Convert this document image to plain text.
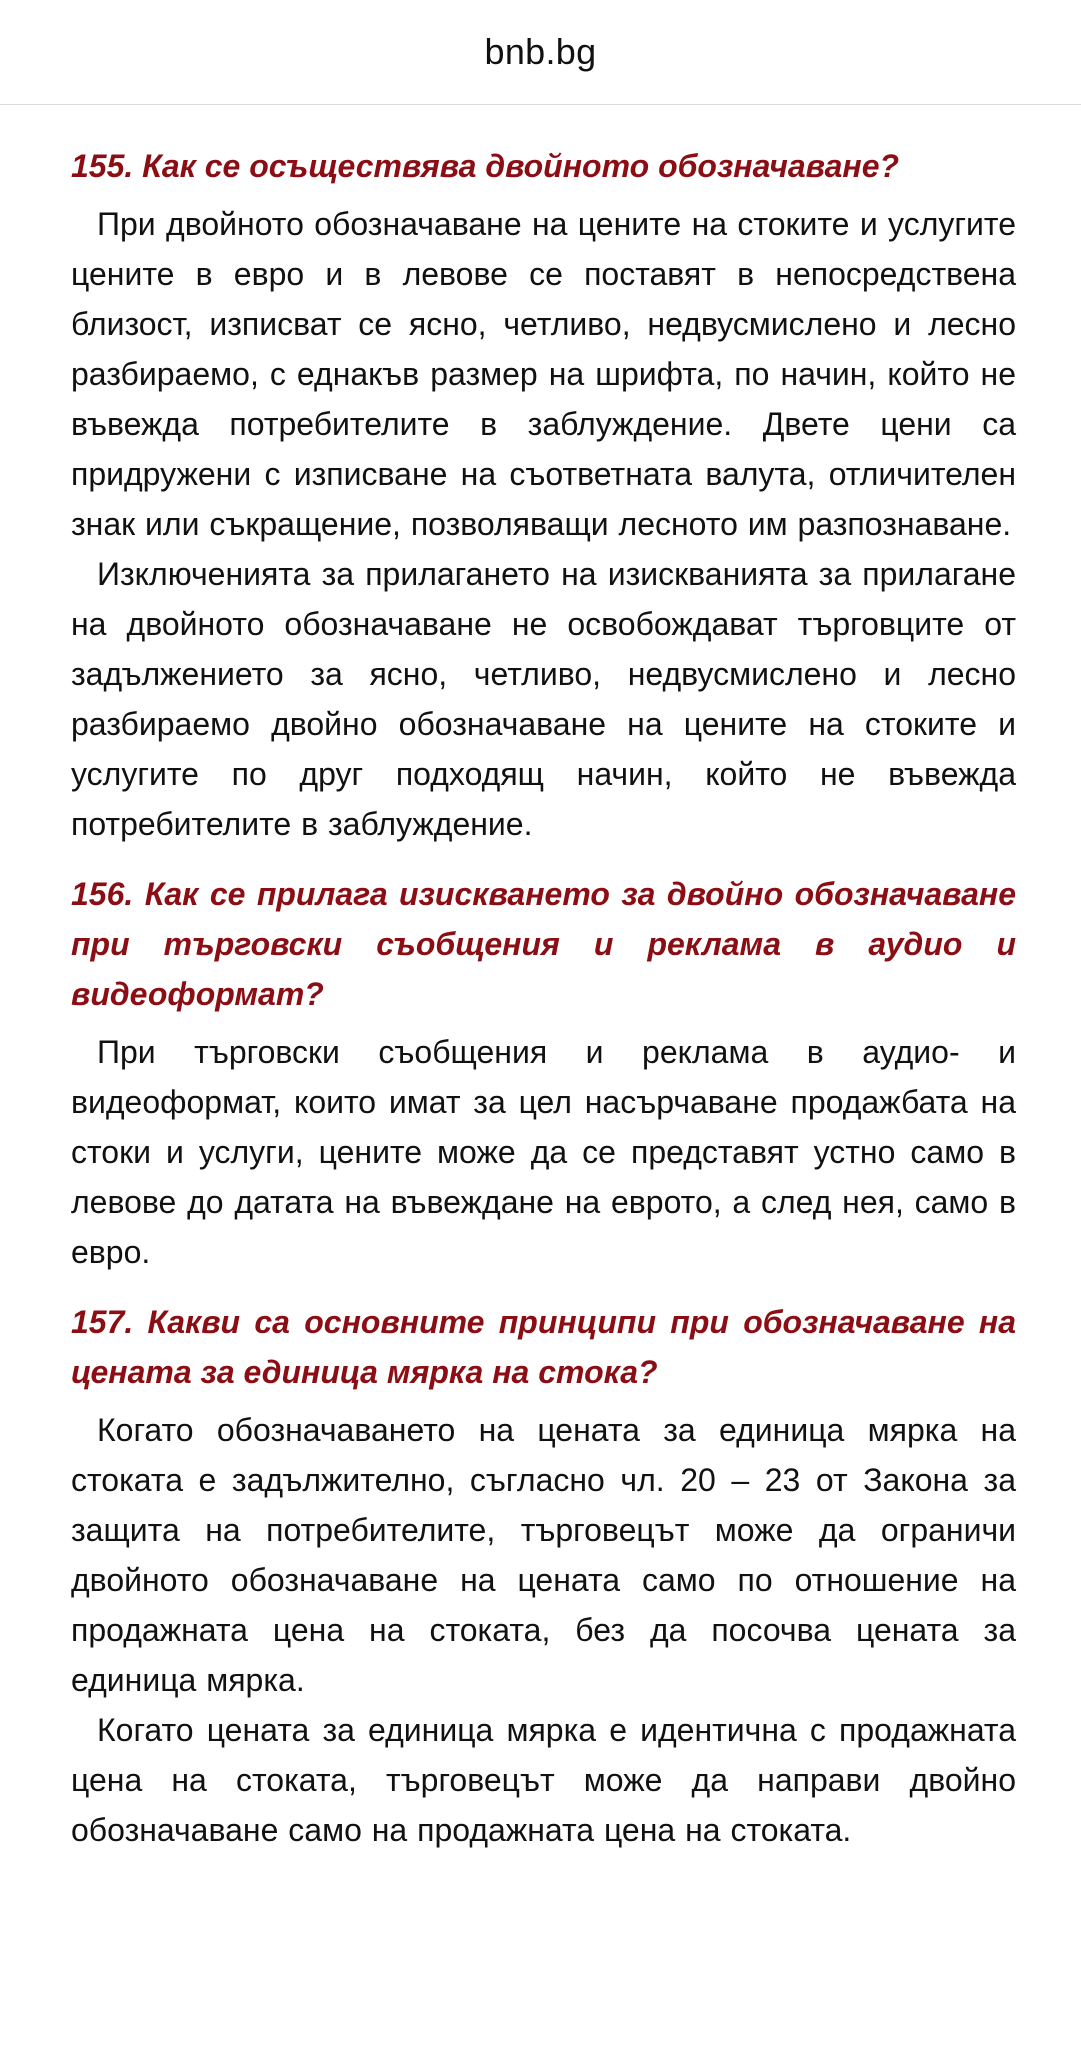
bnb.bg
155. Как се осъществява двойното обозначаване?

При двойното обозначаване на цените на стоките и услугите цените в евро и в левове се поставят в непосредствена близост, изписват се ясно, четливо, недвусмислено и лесно разбираемо, с еднакъв размер на шрифта, по начин, който не въвежда потребителите в заблуждение. Двете цени са придружени с изписване на съответната валута, отличителен знак или съкращение, позволяващи лесното им разпознаване.

Изключенията за прилагането на изискванията за прилагане на двойното обозначаване не освобождават търговците от задължението за ясно, четливо, недвусмислено и лесно разбираемо двойно обозначаване на цените на стоките и услугите по друг подходящ начин, който не въвежда потребителите в заблуждение.

156. Как се прилага изискването за двойно обозначаване при търговски съобщения и реклама в аудио и видеоформат?

При търговски съобщения и реклама в аудио- и видеоформат, които имат за цел насърчаване продажбата на стоки и услуги, цените може да се представят устно само в левове до датата на въвеждане на еврото, а след нея, само в евро.

157. Какви са основните принципи при обозначаване на цената за единица мярка на стока?

Когато обозначаването на цената за единица мярка на стоката е задължително, съгласно чл. 20 – 23 от Закона за защита на потребителите, търговецът може да ограничи двойното обозначаване на цената само по отношение на продажната цена на стоката, без да посочва цената за единица мярка.

Когато цената за единица мярка е идентична с продажната цена на стоката, търговецът може да направи двойно обозначаване само на продажната цена на стоката.
